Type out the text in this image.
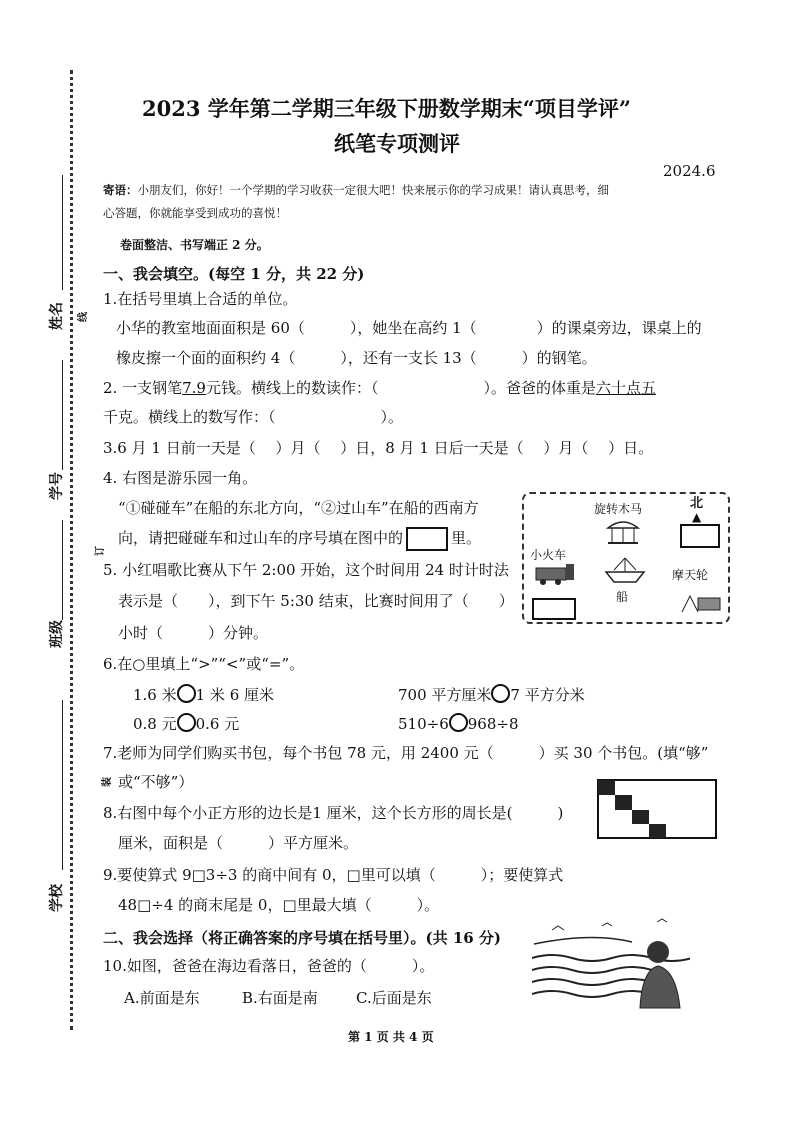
姓名
学号
班级
学校
线
订
装
2023 学年第二学期三年级下册数学期末“项目学评”
纸笔专项测评
2024.6
寄语：小朋友们，你好！一个学期的学习收获一定很大吧！快来展示你的学习成果！请认真思考，细
心答题，你就能享受到成功的喜悦！
卷面整洁、书写端正 2 分。
一、我会填空。(每空 1 分，共 22 分)
1.在括号里填上合适的单位。
小华的教室地面面积是 60（　　　），她坐在高约 1（　　　　）的课桌旁边，课桌上的
橡皮擦一个面的面积约 4（　　　），还有一支长 13（　　　）的钢笔。
2. 一支钢笔7.9元钱。横线上的数读作：（　　　　　　　）。爸爸的体重是六十点五
千克。横线上的数写作：（　　　　　　　）。
3.6 月 1 日前一天是（　 ）月（　 ）日，8 月 1 日后一天是（　 ）月（　 ）日。
4. 右图是游乐园一角。
“①碰碰车”在船的东北方向，“②过山车”在船的西南方
向，请把碰碰车和过山车的序号填在图中的	里。
北
▲
旋转木马
小火车
船
摩天轮
5. 小红唱歌比赛从下午 2:00 开始，这个时间用 24 时计时法
表示是（　　），到下午 5:30 结束，比赛时间用了（　　）
小时（　　　）分钟。
6.在○里填上“>”“<”或“=”。
1.6 米 1 米 6 厘米	700 平方厘米 7 平方分米
0.8 元 0.6 元	510÷6 968÷8
7.老师为同学们购买书包，每个书包 78 元，用 2400 元（　　　）买 30 个书包。(填“够”
或“不够”）
8.右图中每个小正方形的边长是1 厘米，这个长方形的周长是(　　　)
厘米，面积是（　　　）平方厘米。
9.要使算式 9□3÷3 的商中间有 0，□里可以填（　　　）；要使算式
48□÷4 的商末尾是 0，□里最大填（　　　）。
二、我会选择（将正确答案的序号填在括号里）。(共 16 分)
10.如图，爸爸在海边看落日，爸爸的（　　　）。
A.前面是东	B.右面是南	C.后面是东
第 1 页 共 4 页
